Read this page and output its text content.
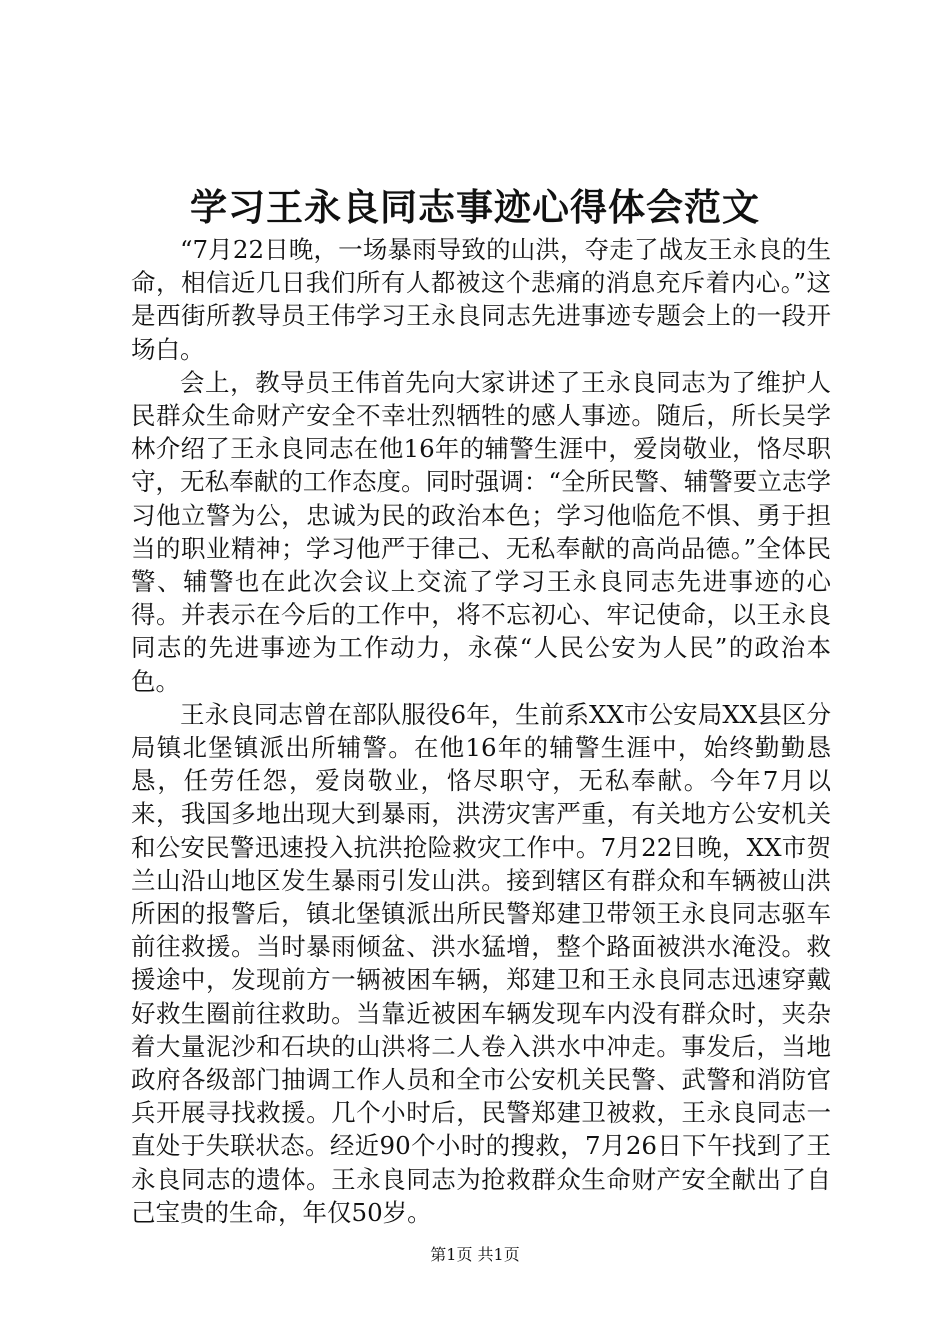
学习王永良同志事迹心得体会范文

“7月22日晚，一场暴雨导致的山洪，夺走了战友王永良的生命，相信近几日我们所有人都被这个悲痛的消息充斥着内心。”这是西街所教导员王伟学习王永良同志先进事迹专题会上的一段开场白。

会上，教导员王伟首先向大家讲述了王永良同志为了维护人民群众生命财产安全不幸壮烈牺牲的感人事迹。随后，所长吴学林介绍了王永良同志在他16年的辅警生涯中，爱岗敬业，恪尽职守，无私奉献的工作态度。同时强调：“全所民警、辅警要立志学习他立警为公，忠诚为民的政治本色；学习他临危不惧、勇于担当的职业精神；学习他严于律己、无私奉献的高尚品德。”全体民警、辅警也在此次会议上交流了学习王永良同志先进事迹的心得。并表示在今后的工作中，将不忘初心、牢记使命，以王永良同志的先进事迹为工作动力，永葆“人民公安为人民”的政治本色。

王永良同志曾在部队服役6年，生前系XX市公安局XX县区分局镇北堡镇派出所辅警。在他16年的辅警生涯中，始终勤勤恳恳，任劳任怨，爱岗敬业，恪尽职守，无私奉献。今年7月以来，我国多地出现大到暴雨，洪涝灾害严重，有关地方公安机关和公安民警迅速投入抗洪抢险救灾工作中。7月22日晚，XX市贺兰山沿山地区发生暴雨引发山洪。接到辖区有群众和车辆被山洪所困的报警后，镇北堡镇派出所民警郑建卫带领王永良同志驱车前往救援。当时暴雨倾盆、洪水猛增，整个路面被洪水淹没。救援途中，发现前方一辆被困车辆，郑建卫和王永良同志迅速穿戴好救生圈前往救助。当靠近被困车辆发现车内没有群众时，夹杂着大量泥沙和石块的山洪将二人卷入洪水中冲走。事发后，当地政府各级部门抽调工作人员和全市公安机关民警、武警和消防官兵开展寻找救援。几个小时后，民警郑建卫被救，王永良同志一直处于失联状态。经近90个小时的搜救，7月26日下午找到了王永良同志的遗体。王永良同志为抢救群众生命财产安全献出了自己宝贵的生命，年仅50岁。

第1页 共1页
